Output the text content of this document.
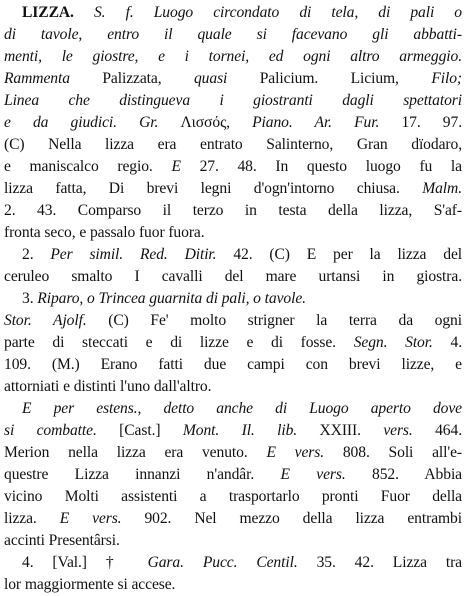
LIZZA. S. f. Luogo circondato di tela, di pali o
di tavole, entro il quale si facevano gli abbatti-
menti, le giostre, e i tornei, ed ogni altro armeggio.
Rammenta Palizzata, quasi Palicium. Licium, Filo;
Linea che distingueva i giostranti dagli spettatori
e da giudici. Gr. Λισσός, Piano. Ar. Fur. 17. 97.
(C) Nella lizza era entrato Salinterno, Gran dïodaro,
e maniscalco regio. E 27. 48. In questo luogo fu la
lizza fatta, Di brevi legni d'ogn'intorno chiusa. Malm.
2. 43. Comparso il terzo in testa della lizza, S'af-
fronta seco, e passalo fuor fuora.
2. Per simil. Red. Ditir. 42. (C) E per la lizza del
ceruleo smalto I cavalli del mare urtansi in giostra.
3. Riparo, o Trincea guarnita di pali, o tavole.
Stor. Ajolf. (C) Fe' molto strigner la terra da ogni
parte di steccati e di lizze e di fosse. Segn. Stor. 4.
109. (M.) Erano fatti due campi con brevi lizze, e
attorniati e distinti l'uno dall'altro.
E per estens., detto anche di Luogo aperto dove
si combatte. [Cast.] Mont. Il. lib. XXIII. vers. 464.
Merion nella lizza era venuto. E vers. 808. Soli all'e-
questre Lizza innanzi n'andâr. E vers. 852. Abbia
vicino Molti assistenti a trasportarlo pronti Fuor della
lizza. E vers. 902. Nel mezzo della lizza entrambi
accinti Presentârsi.
4. [Val.] † Gara. Pucc. Centil. 35. 42. Lizza tra
lor maggiormente si accese.
